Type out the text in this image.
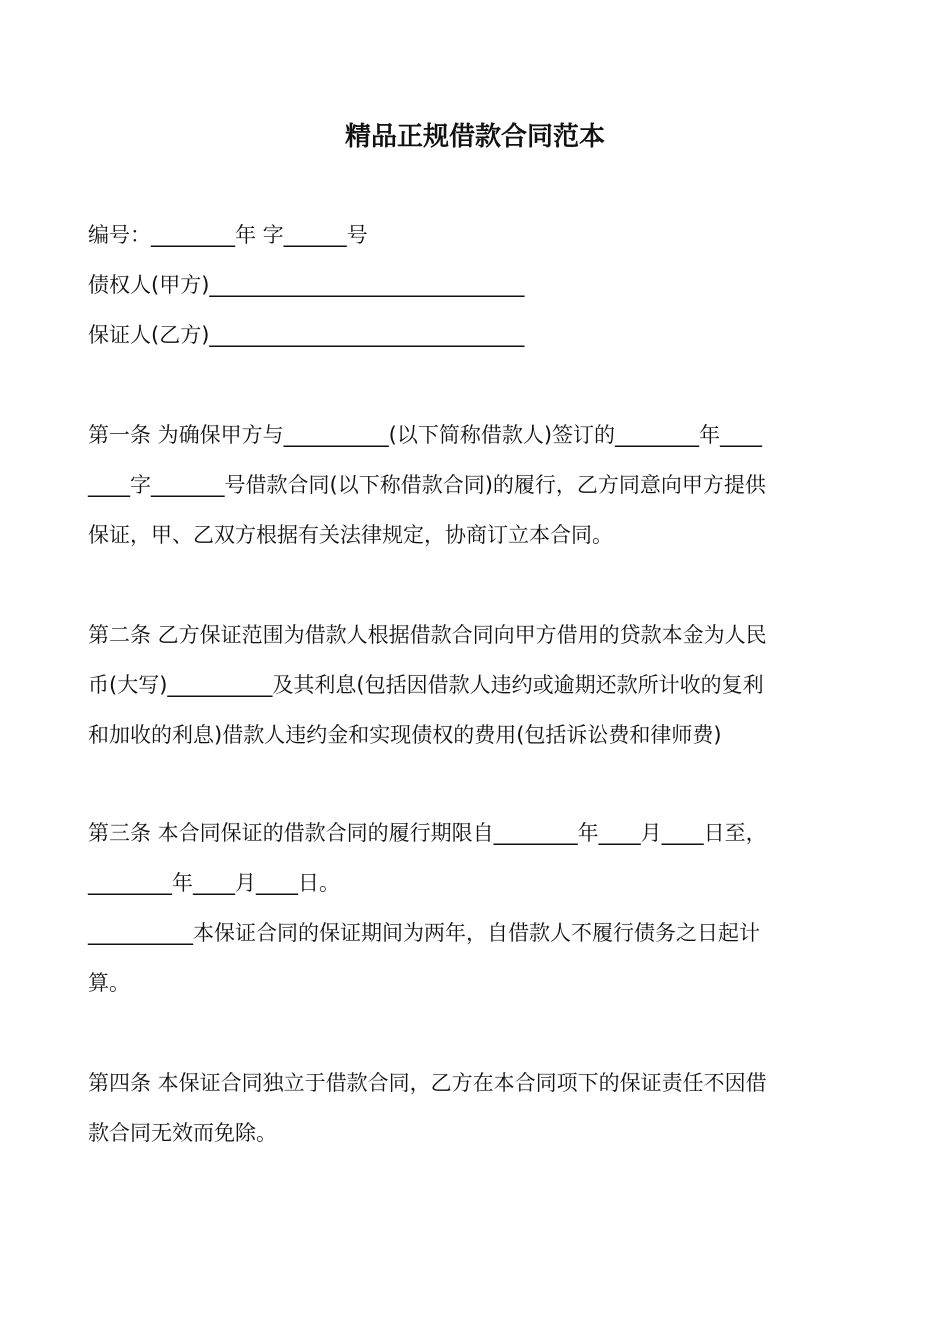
精品正规借款合同范本
编号：________年 字______号
债权人(甲方)______________________________
保证人(乙方)______________________________
第一条 为确保甲方与__________(以下简称借款人)签订的________年____
____字_______号借款合同(以下称借款合同)的履行，乙方同意向甲方提供
保证，甲、乙双方根据有关法律规定，协商订立本合同。
第二条 乙方保证范围为借款人根据借款合同向甲方借用的贷款本金为人民
币(大写)__________及其利息(包括因借款人违约或逾期还款所计收的复利
和加收的利息)借款人违约金和实现债权的费用(包括诉讼费和律师费)
第三条 本合同保证的借款合同的履行期限自________年____月____日至，
________年____月____日。
__________本保证合同的保证期间为两年，自借款人不履行债务之日起计
算。
第四条 本保证合同独立于借款合同，乙方在本合同项下的保证责任不因借
款合同无效而免除。
